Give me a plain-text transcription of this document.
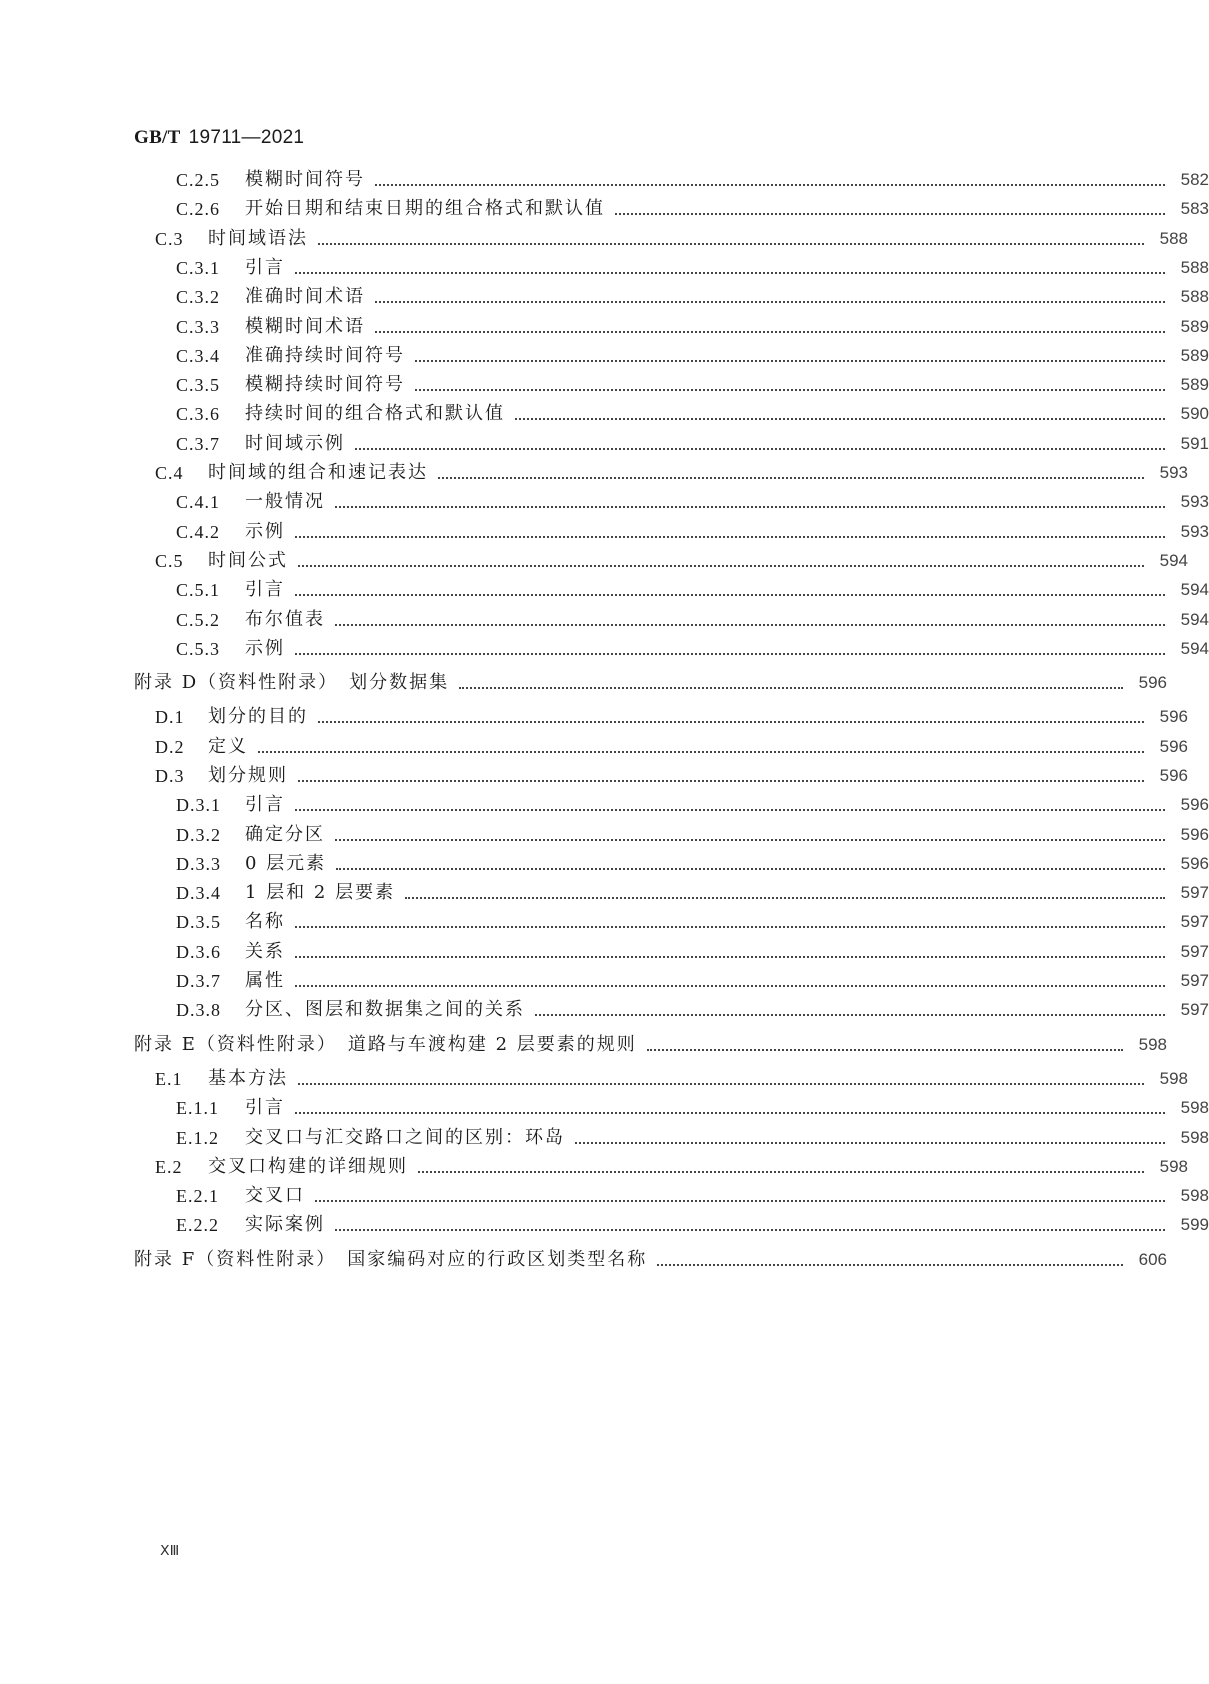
GB/T 19711—2021
C.2.5	模糊时间符号	582
C.2.6	开始日期和结束日期的组合格式和默认值	583
C.3	时间域语法	588
C.3.1	引言	588
C.3.2	准确时间术语	588
C.3.3	模糊时间术语	589
C.3.4	准确持续时间符号	589
C.3.5	模糊持续时间符号	589
C.3.6	持续时间的组合格式和默认值	590
C.3.7	时间域示例	591
C.4	时间域的组合和速记表达	593
C.4.1	一般情况	593
C.4.2	示例	593
C.5	时间公式	594
C.5.1	引言	594
C.5.2	布尔值表	594
C.5.3	示例	594
附录 D（资料性附录）　划分数据集	596
D.1	划分的目的	596
D.2	定义	596
D.3	划分规则	596
D.3.1	引言	596
D.3.2	确定分区	596
D.3.3	0 层元素	596
D.3.4	1 层和 2 层要素	597
D.3.5	名称	597
D.3.6	关系	597
D.3.7	属性	597
D.3.8	分区、图层和数据集之间的关系	597
附录 E（资料性附录）　道路与车渡构建 2 层要素的规则	598
E.1	基本方法	598
E.1.1	引言	598
E.1.2	交叉口与汇交路口之间的区别：环岛	598
E.2	交叉口构建的详细规则	598
E.2.1	交叉口	598
E.2.2	实际案例	599
附录 F（资料性附录）　国家编码对应的行政区划类型名称	606
ⅩⅢ
